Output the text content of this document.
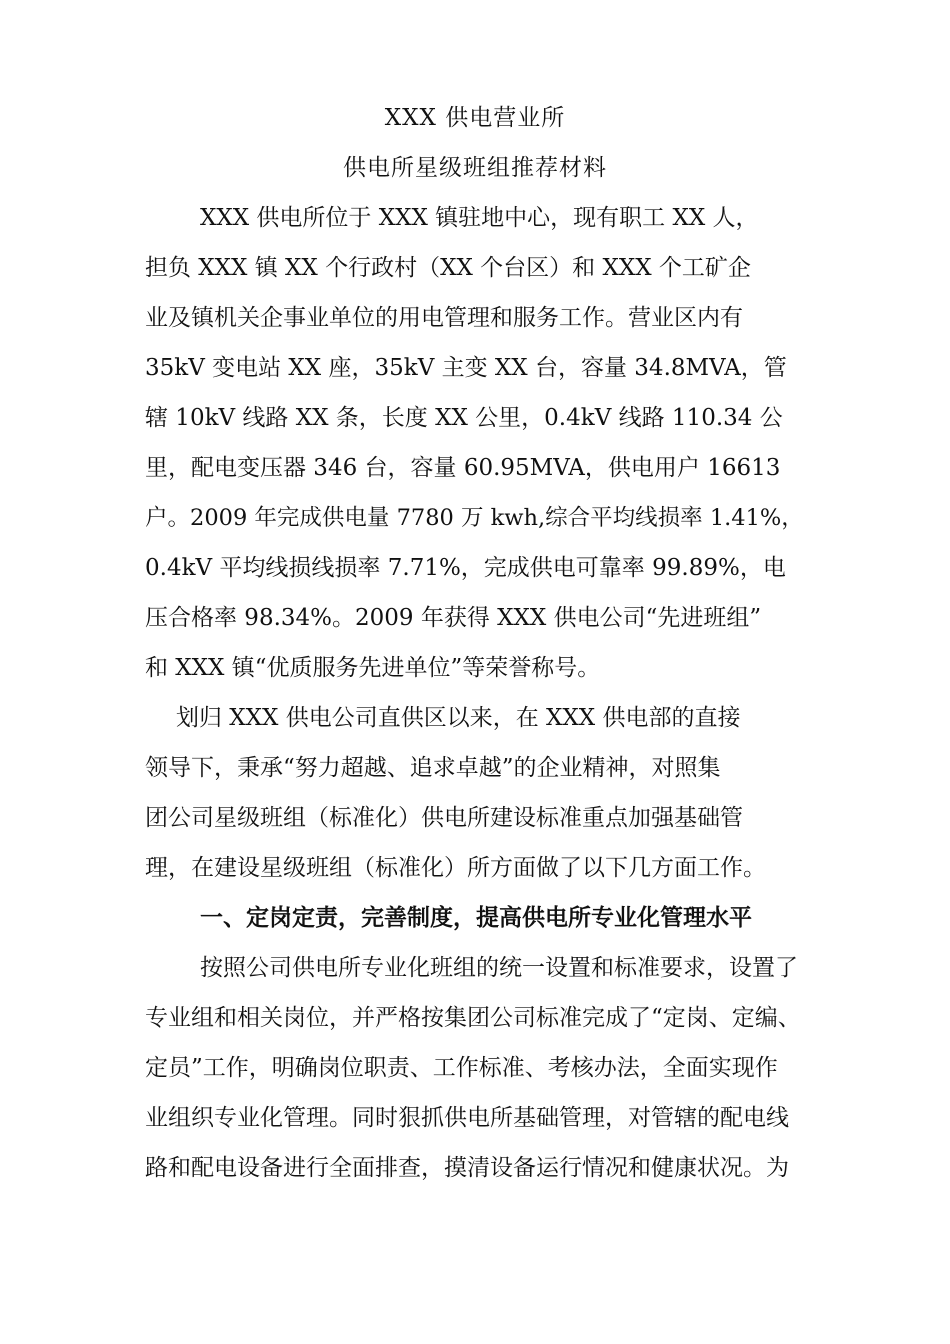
XXX 供电营业所
供电所星级班组推荐材料
XXX 供电所位于 XXX 镇驻地中心，现有职工 XX 人，
担负 XXX 镇 XX 个行政村（XX 个台区）和 XXX 个工矿企
业及镇机关企事业单位的用电管理和服务工作。营业区内有
35kV 变电站 XX 座，35kV 主变 XX 台，容量 34.8MVA，管
辖 10kV 线路 XX 条，长度 XX 公里，0.4kV 线路 110.34 公
里，配电变压器 346 台，容量 60.95MVA，供电用户 16613
户。2009 年完成供电量 7780 万 kwh,综合平均线损率 1.41%，
0.4kV 平均线损线损率 7.71%，完成供电可靠率 99.89%，电
压合格率 98.34%。2009 年获得 XXX 供电公司“先进班组”
和 XXX 镇“优质服务先进单位”等荣誉称号。
划归 XXX 供电公司直供区以来，在 XXX 供电部的直接
领导下，秉承“努力超越、追求卓越”的企业精神，对照集
团公司星级班组（标准化）供电所建设标准重点加强基础管
理，在建设星级班组（标准化）所方面做了以下几方面工作。
一、定岗定责，完善制度，提高供电所专业化管理水平
按照公司供电所专业化班组的统一设置和标准要求，设置了
专业组和相关岗位，并严格按集团公司标准完成了“定岗、定编、
定员”工作，明确岗位职责、工作标准、考核办法，全面实现作
业组织专业化管理。同时狠抓供电所基础管理，对管辖的配电线
路和配电设备进行全面排查，摸清设备运行情况和健康状况。为
